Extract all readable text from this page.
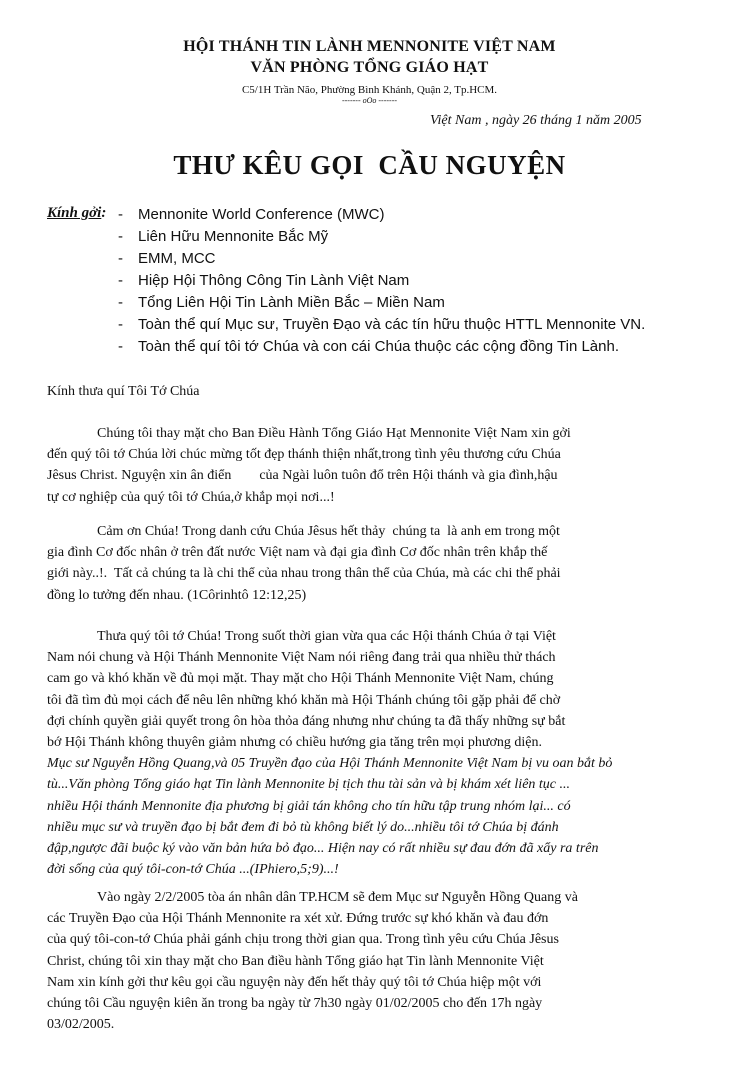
HỘI THÁNH TIN LÀNH MENNONITE VIỆT NAM
VĂN PHÒNG TỔNG GIÁO HẠT
C5/1H Trần Não, Phường Bình Khánh, Quận 2, Tp.HCM.
------- oOo -------
Việt Nam , ngày 26 tháng 1 năm 2005
THƯ KÊU GỌI  CẦU NGUYỆN
Kính gởi: - Mennonite World Conference (MWC)
- Liên Hữu Mennonite Bắc Mỹ
- EMM, MCC
- Hiệp Hội Thông Công Tin Lành Việt Nam
- Tổng Liên Hội Tin Lành Miền Bắc – Miền Nam
- Toàn thể quí Mục sư, Truyền Đạo và các tín hữu thuộc HTTL Mennonite VN.
- Toàn thể quí tôi tớ Chúa và con cái Chúa thuộc các cộng đồng Tin Lành.
Kính thưa quí Tôi Tớ Chúa
Chúng tôi thay mặt cho Ban Điều Hành Tổng Giáo Hạt Mennonite Việt Nam xin gởi
đến quý tôi tớ Chúa lời chúc mừng tốt đẹp thánh thiện nhất,trong tình yêu thương cứu Chúa
Jêsus Christ. Nguyện xin ân điển        của Ngài luôn tuôn đổ trên Hội thánh và gia đình,hậu
tự cơ nghiệp của quý tôi tớ Chúa,ở khắp mọi nơi...!
Cảm ơn Chúa! Trong danh cứu Chúa Jêsus hết thảy  chúng ta  là anh em trong một
gia đình Cơ đốc nhân ở trên đất nước Việt nam và đại gia đình Cơ đốc nhân trên khắp thế
giới này..!.  Tất cả chúng ta là chi thể của nhau trong thân thể của Chúa, mà các chi thể phải
đồng lo tưởng đến nhau. (1Côrinhtô 12:12,25)
Thưa quý tôi tớ Chúa! Trong suốt thời gian vừa qua các Hội thánh Chúa ở tại Việt
Nam nói chung và Hội Thánh Mennonite Việt Nam nói riêng đang trải qua nhiều thử thách
cam go và khó khăn về đủ mọi mặt. Thay mặt cho Hội Thánh Mennonite Việt Nam, chúng
tôi đã tìm đủ mọi cách để nêu lên những khó khăn mà Hội Thánh chúng tôi gặp phải để chờ
đợi chính quyền giải quyết trong ôn hòa thỏa đáng nhưng như chúng ta đã thấy những sự bắt
bớ Hội Thánh không thuyên giảm nhưng có chiều hướng gia tăng trên mọi phương diện.
Mục sư Nguyễn Hồng Quang,và 05 Truyền đạo của Hội Thánh Mennonite Việt Nam bị vu oan bắt bỏ
tù...Văn phòng Tổng giáo hạt Tin lành Mennonite bị tịch thu tài sản và bị khám xét liên tục ...
nhiều Hội thánh Mennonite địa phương bị giải tán không cho tín hữu tập trung nhóm lại... có
nhiều mục sư và truyền đạo bị bắt đem đi bỏ tù không biết lý do...nhiều tôi tớ Chúa bị đánh
đập,ngược đãi buộc ký vào văn bản hứa bỏ đạo... Hiện nay có rất nhiều sự đau đớn đã xẩy ra trên
đời sống của quý tôi-con-tớ Chúa ...(IPhiero,5;9)...!
Vào ngày 2/2/2005 tòa án nhân dân TP.HCM sẽ đem Mục sư Nguyễn Hồng Quang và
các Truyền Đạo của Hội Thánh Mennonite ra xét xử. Đứng trước sự khó khăn và đau đớn
của quý tôi-con-tớ Chúa phải gánh chịu trong thời gian qua. Trong tình yêu cứu Chúa Jêsus
Christ, chúng tôi xin thay mặt cho Ban điều hành Tổng giáo hạt Tin lành Mennonite Việt
Nam xin kính gởi thư kêu gọi cầu nguyện này đến hết thảy quý tôi tớ Chúa hiệp một với
chúng tôi Cầu nguyện kiên ăn trong ba ngày từ 7h30 ngày 01/02/2005 cho đến 17h ngày
03/02/2005.
